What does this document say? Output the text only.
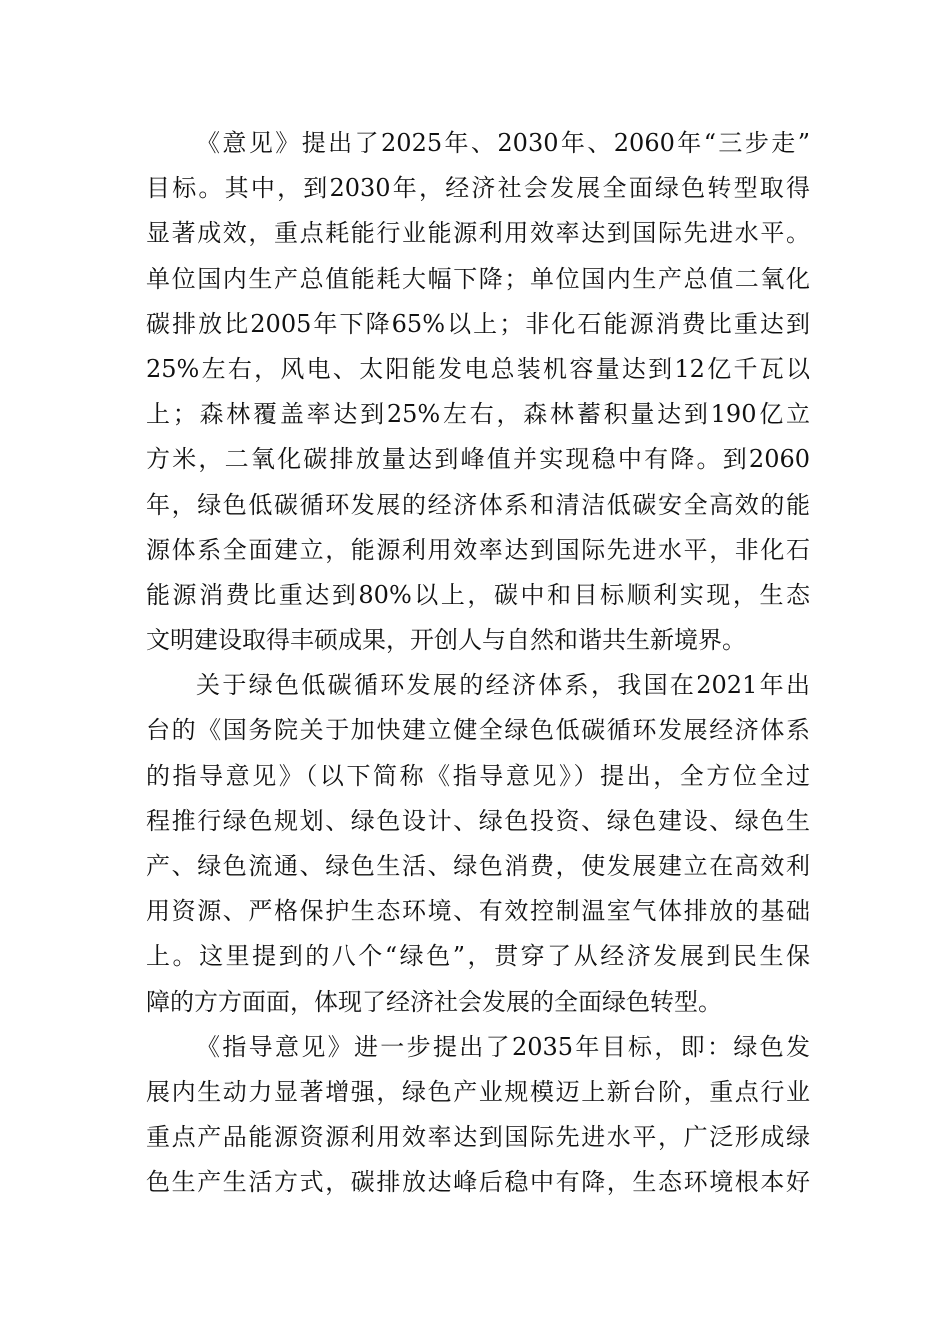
《意见》提出了2025年、2030年、2060年“三步走”
目标。其中，到2030年，经济社会发展全面绿色转型取得
显著成效，重点耗能行业能源利用效率达到国际先进水平。
单位国内生产总值能耗大幅下降；单位国内生产总值二氧化
碳排放比2005年下降65%以上；非化石能源消费比重达到
25%左右，风电、太阳能发电总装机容量达到12亿千瓦以
上；森林覆盖率达到25%左右，森林蓄积量达到190亿立
方米，二氧化碳排放量达到峰值并实现稳中有降。到2060
年，绿色低碳循环发展的经济体系和清洁低碳安全高效的能
源体系全面建立，能源利用效率达到国际先进水平，非化石
能源消费比重达到80%以上，碳中和目标顺利实现，生态
文明建设取得丰硕成果，开创人与自然和谐共生新境界。

关于绿色低碳循环发展的经济体系，我国在2021年出
台的《国务院关于加快建立健全绿色低碳循环发展经济体系
的指导意见》（以下简称《指导意见》）提出，全方位全过
程推行绿色规划、绿色设计、绿色投资、绿色建设、绿色生
产、绿色流通、绿色生活、绿色消费，使发展建立在高效利
用资源、严格保护生态环境、有效控制温室气体排放的基础
上。这里提到的八个“绿色”，贯穿了从经济发展到民生保
障的方方面面，体现了经济社会发展的全面绿色转型。

《指导意见》进一步提出了2035年目标，即：绿色发
展内生动力显著增强，绿色产业规模迈上新台阶，重点行业
重点产品能源资源利用效率达到国际先进水平，广泛形成绿
色生产生活方式，碳排放达峰后稳中有降，生态环境根本好
